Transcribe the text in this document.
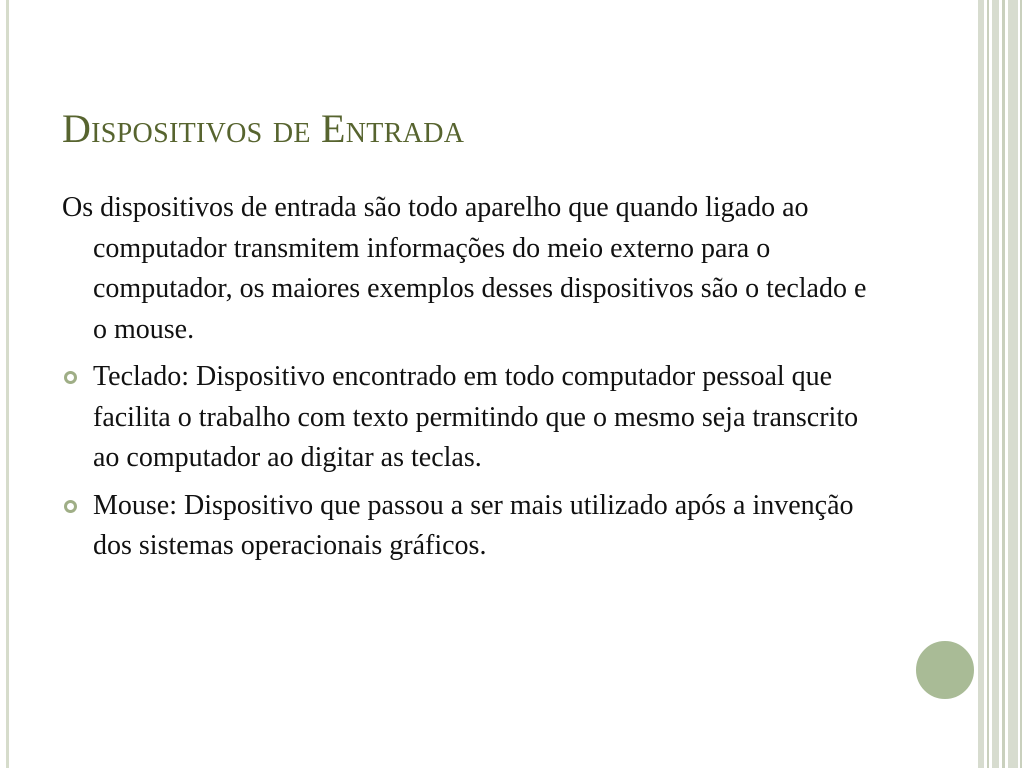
Dispositivos de Entrada

Os dispositivos de entrada são todo aparelho que quando ligado ao computador transmitem informações do meio externo para o computador, os maiores exemplos desses dispositivos são o teclado e o mouse.

Teclado: Dispositivo encontrado em todo computador pessoal que facilita o trabalho com texto permitindo que o mesmo seja transcrito ao computador ao digitar as teclas.
Mouse: Dispositivo que passou a ser mais utilizado após a invenção dos sistemas operacionais gráficos.
